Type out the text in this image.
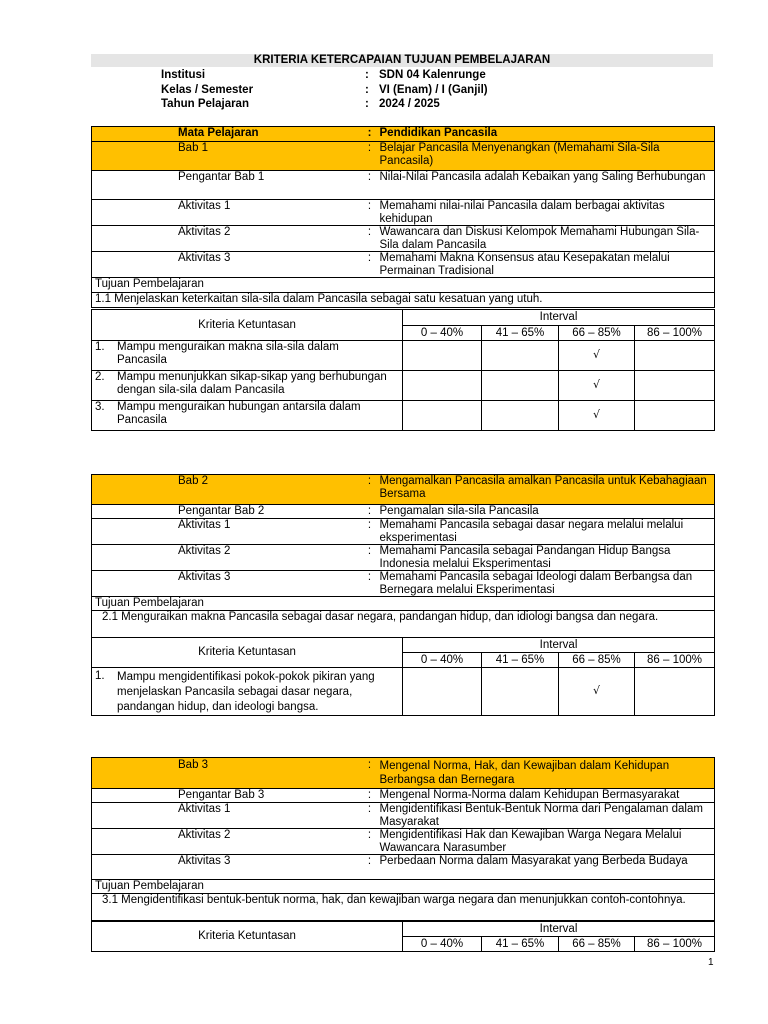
KRITERIA KETERCAPAIAN TUJUAN PEMBELAJARAN
Institusi	: SDN 04 Kalenrunge
Kelas / Semester	: VI (Enam) / I (Ganjil)
Tahun Pelajaran	: 2024 / 2025
Mata Pelajaran	:	Pendidikan Pancasila
Bab 1	:	Belajar Pancasila Menyenangkan (Memahami Sila-Sila Pancasila)
Pengantar Bab 1	:	Nilai-Nilai Pancasila adalah Kebaikan yang Saling Berhubungan
Aktivitas 1	:	Memahami nilai-nilai Pancasila dalam berbagai aktivitas kehidupan
Aktivitas 2	:	Wawancara dan Diskusi Kelompok Memahami Hubungan Sila-Sila dalam Pancasila
Aktivitas 3	:	Memahami Makna Konsensus atau Kesepakatan melalui Permainan Tradisional
Tujuan Pembelajaran		
1.1 Menjelaskan keterkaitan sila-sila dalam Pancasila sebagai satu kesatuan yang utuh.		
Kriteria Ketuntasan	Interval			
	0 – 40%	41 – 65%	66 – 85%	86 – 100%
1. Mampu menguraikan makna sila-sila dalam Pancasila			√	
2. Mampu menunjukkan sikap-sikap yang berhubungan dengan sila-sila dalam Pancasila			√	
3. Mampu menguraikan hubungan antarsila dalam Pancasila			√	
Bab 2	:	Mengamalkan Pancasila amalkan Pancasila untuk Kebahagiaan Bersama
Pengantar Bab 2	:	Pengamalan sila-sila Pancasila
Aktivitas 1	:	Memahami Pancasila sebagai dasar negara melalui melalui eksperimentasi
Aktivitas 2	:	Memahami Pancasila sebagai Pandangan Hidup Bangsa Indonesia melalui Eksperimentasi
Aktivitas 3	:	Memahami Pancasila sebagai Ideologi dalam Berbangsa dan Bernegara melalui Eksperimentasi
Tujuan Pembelajaran		
2.1 Menguraikan makna Pancasila sebagai dasar negara, pandangan hidup, dan idiologi bangsa dan negara.		
Kriteria Ketuntasan	Interval			
	0 – 40%	41 – 65%	66 – 85%	86 – 100%
1. Mampu mengidentifikasi pokok-pokok pikiran yang menjelaskan Pancasila sebagai dasar negara, pandangan hidup, dan ideologi bangsa.			√	
Bab 3	:	Mengenal Norma, Hak, dan Kewajiban dalam Kehidupan Berbangsa dan Bernegara
Pengantar Bab 3	:	Mengenal Norma-Norma dalam Kehidupan Bermasyarakat
Aktivitas 1	:	Mengidentifikasi Bentuk-Bentuk Norma dari Pengalaman dalam Masyarakat
Aktivitas 2	:	Mengidentifikasi Hak dan Kewajiban Warga Negara Melalui Wawancara Narasumber
Aktivitas 3	:	Perbedaan Norma dalam Masyarakat yang Berbeda Budaya
Tujuan Pembelajaran		
3.1 Mengidentifikasi bentuk-bentuk norma, hak, dan kewajiban warga negara dan menunjukkan contoh-contohnya.		
Kriteria Ketuntasan	Interval			
	0 – 40%	41 – 65%	66 – 85%	86 – 100%
1
